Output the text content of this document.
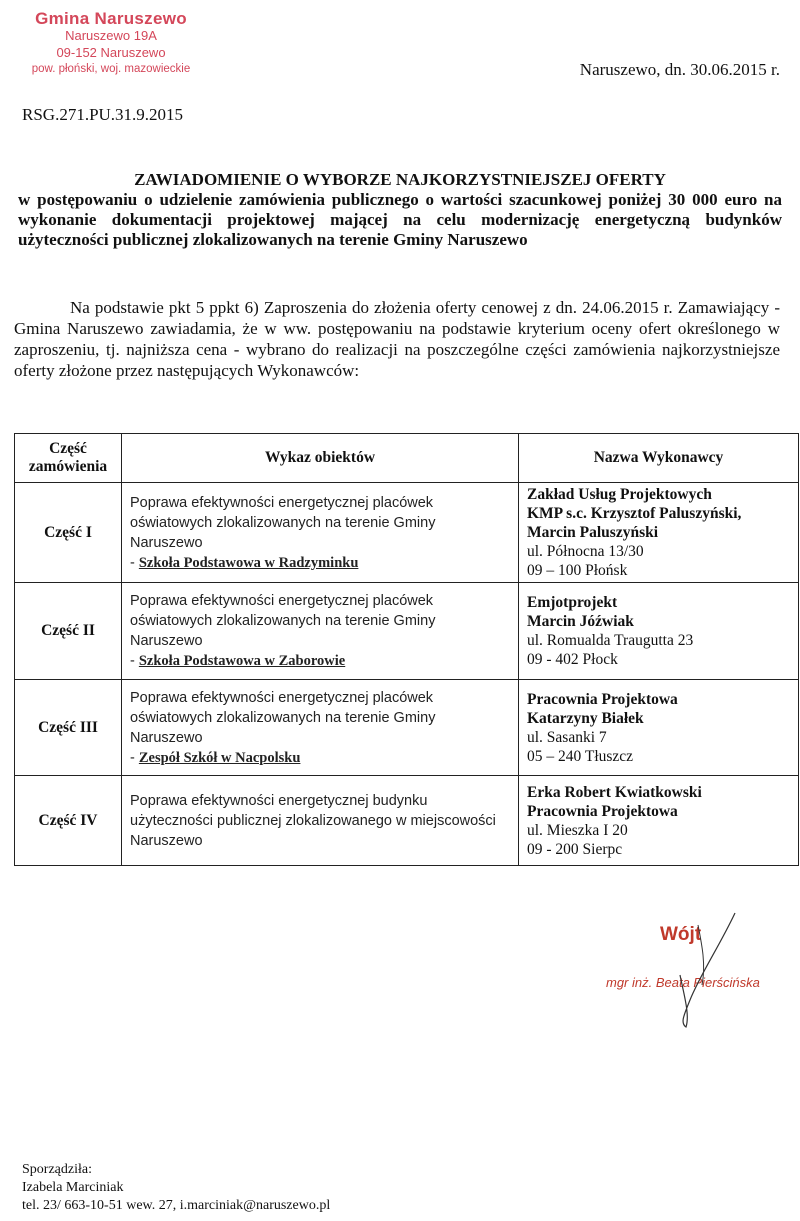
Gmina Naruszewo
Naruszewo 19A
09-152 Naruszewo
pow. płoński, woj. mazowieckie	Naruszewo, dn. 30.06.2015 r.
RSG.271.PU.31.9.2015
ZAWIADOMIENIE O WYBORZE NAJKORZYSTNIEJSZEJ OFERTY
w postępowaniu o udzielenie zamówienia publicznego o wartości szacunkowej poniżej 30 000 euro na wykonanie dokumentacji projektowej mającej na celu modernizację energetyczną budynków użyteczności publicznej zlokalizowanych na terenie Gminy Naruszewo
Na podstawie pkt 5 ppkt 6) Zaproszenia do złożenia oferty cenowej z dn. 24.06.2015 r. Zamawiający - Gmina Naruszewo zawiadamia, że w ww. postępowaniu na podstawie kryterium oceny ofert określonego w zaproszeniu, tj. najniższa cena - wybrano do realizacji na poszczególne części zamówienia najkorzystniejsze oferty złożone przez następujących Wykonawców:
Część zamówienia	Wykaz obiektów	Nazwa Wykonawcy
Część I	Poprawa efektywności energetycznej placówek oświatowych zlokalizowanych na terenie Gminy Naruszewo
- Szkoła Podstawowa w Radzyminku	Zakład Usług Projektowych
KMP s.c. Krzysztof Paluszyński,
Marcin Paluszyński
ul. Północna 13/30
09 – 100 Płońsk

Część II	Poprawa efektywności energetycznej placówek oświatowych zlokalizowanych na terenie Gminy Naruszewo
- Szkoła Podstawowa w Zaborowie	Emjotprojekt
Marcin Jóźwiak
ul. Romualda Traugutta 23
09 - 402 Płock

Część III	Poprawa efektywności energetycznej placówek oświatowych zlokalizowanych na terenie Gminy Naruszewo
- Zespół Szkół w Nacpolsku	Pracownia Projektowa
Katarzyny Białek
ul. Sasanki 7
05 – 240 Tłuszcz

Część IV	Poprawa efektywności energetycznej budynku użyteczności publicznej zlokalizowanego w miejscowości Naruszewo	Erka Robert Kwiatkowski
Pracownia Projektowa
ul. Mieszka I 20
09 - 200 Sierpc
Wójt
mgr inż. Beata Pierścińska
Sporządziła:
Izabela Marciniak
tel. 23/ 663-10-51 wew. 27, i.marciniak@naruszewo.pl
